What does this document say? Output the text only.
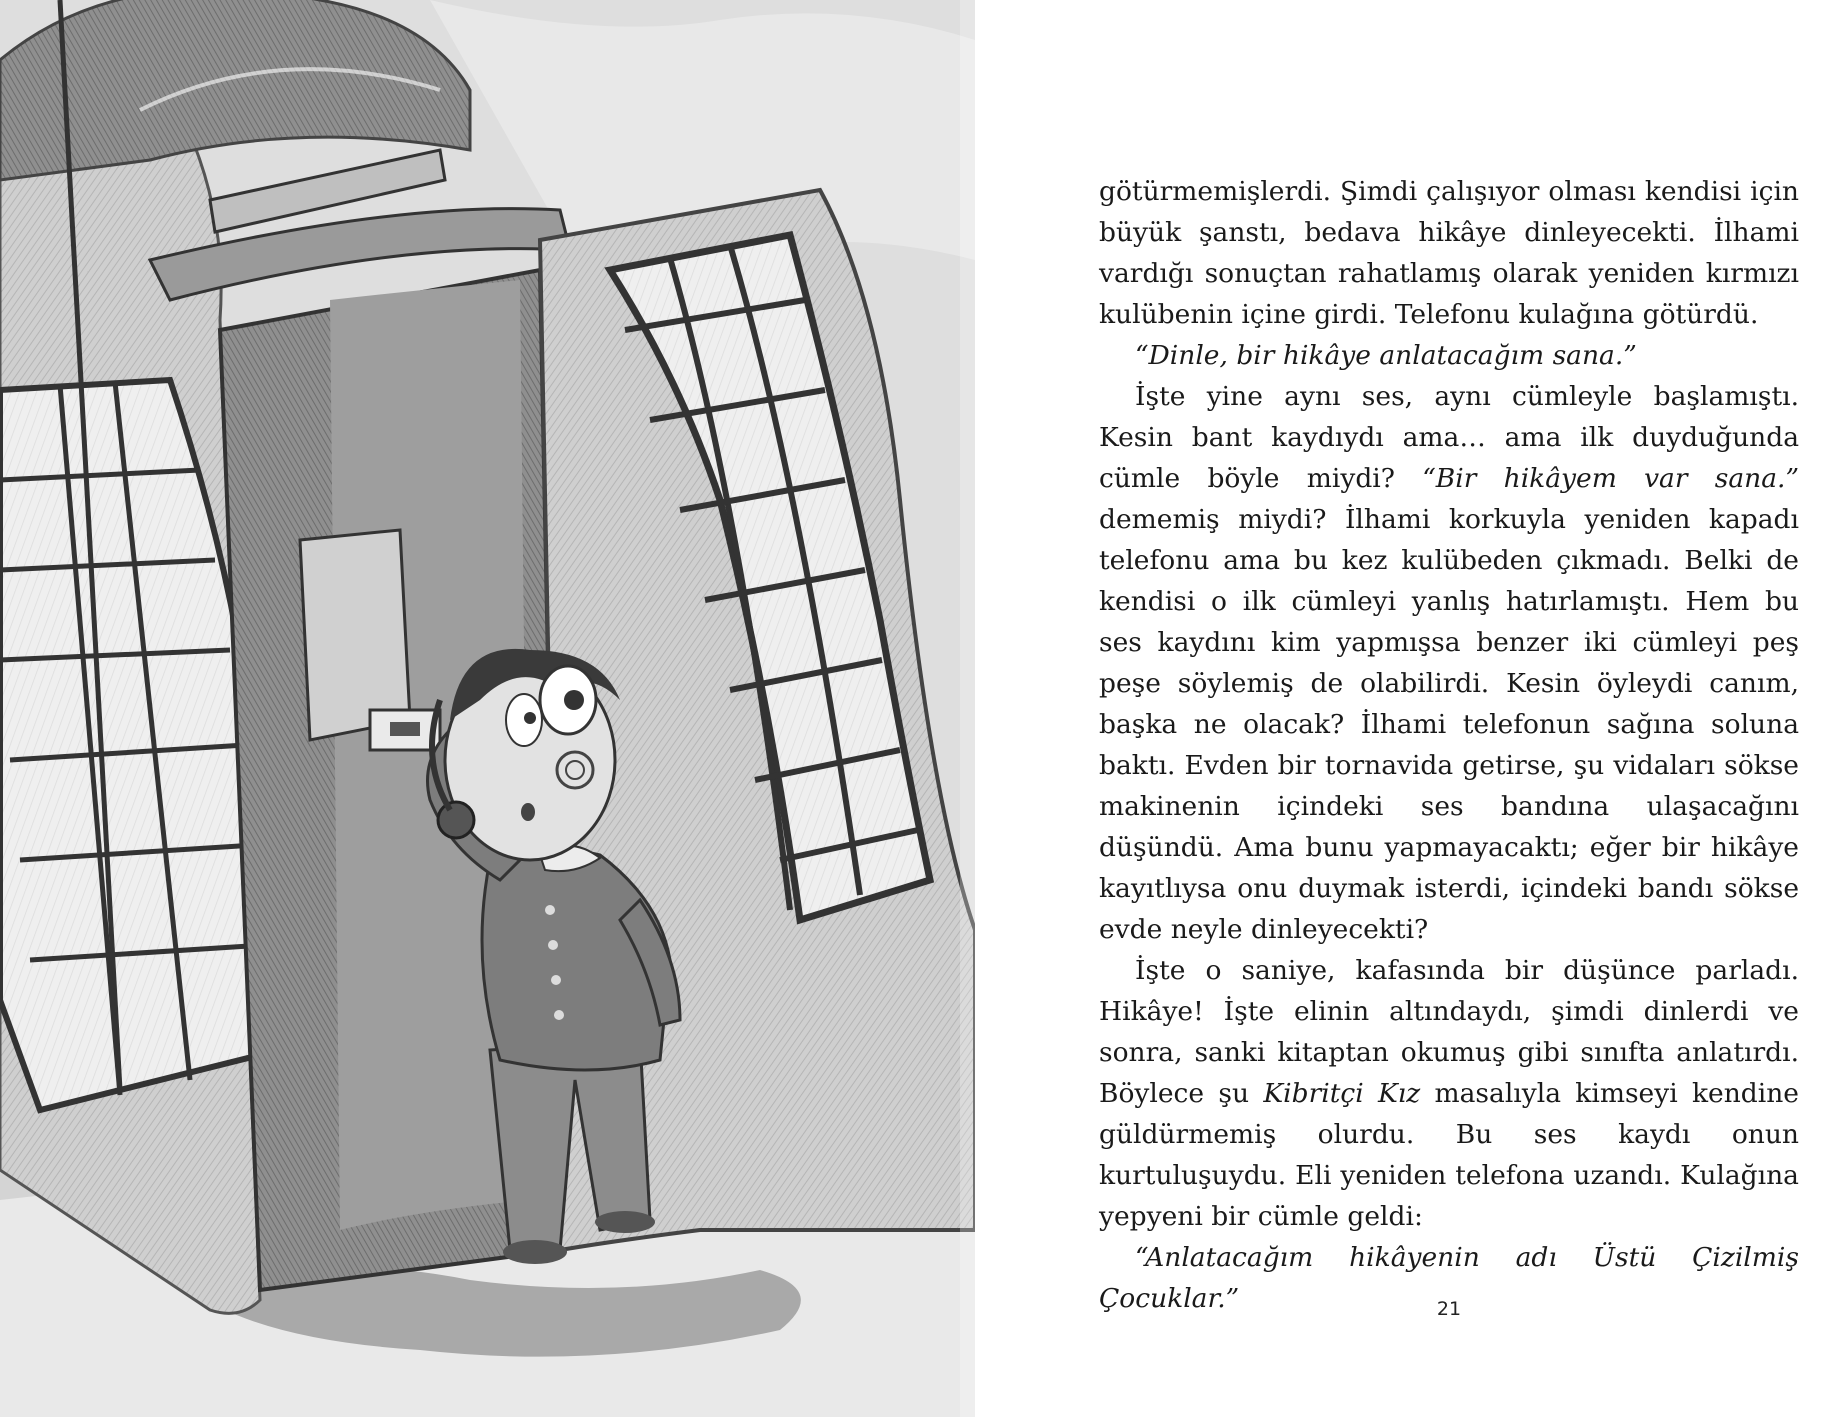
götürmemişlerdi. Şimdi çalışıyor olması kendisi için büyük şanstı, bedava hikâye dinleyecekti. İlhami vardığı sonuçtan rahatlamış olarak yeniden kırmızı kulübenin içine girdi. Telefonu kulağına götürdü.

“Dinle, bir hikâye anlatacağım sana.”

İşte yine aynı ses, aynı cümleyle başlamıştı. Kesin bant kaydıydı ama… ama ilk duyduğunda cümle böyle miydi? “Bir hikâyem var sana.” dememiş miydi? İlhami korkuyla yeniden kapadı telefonu ama bu kez kulübeden çıkmadı. Belki de kendisi o ilk cümleyi yanlış hatırlamıştı. Hem bu ses kaydını kim yapmışsa benzer iki cümleyi peş peşe söylemiş de olabilirdi. Kesin öyleydi canım, başka ne olacak? İlhami telefonun sağına soluna baktı. Evden bir tornavida getirse, şu vidaları sökse makinenin içindeki ses bandına ulaşacağını düşündü. Ama bunu yapmayacaktı; eğer bir hikâye kayıtlıysa onu duymak isterdi, içindeki bandı sökse evde neyle dinleyecekti?

İşte o saniye, kafasında bir düşünce parladı. Hikâye! İşte elinin altındaydı, şimdi dinlerdi ve sonra, sanki kitaptan okumuş gibi sınıfta anlatırdı. Böylece şu Kibritçi Kız masalıyla kimseyi kendine güldürmemiş olurdu. Bu ses kaydı onun kurtuluşuydu. Eli yeniden telefona uzandı. Kulağına yepyeni bir cümle geldi:

“Anlatacağım hikâyenin adı Üstü Çizilmiş Çocuklar.”	21
